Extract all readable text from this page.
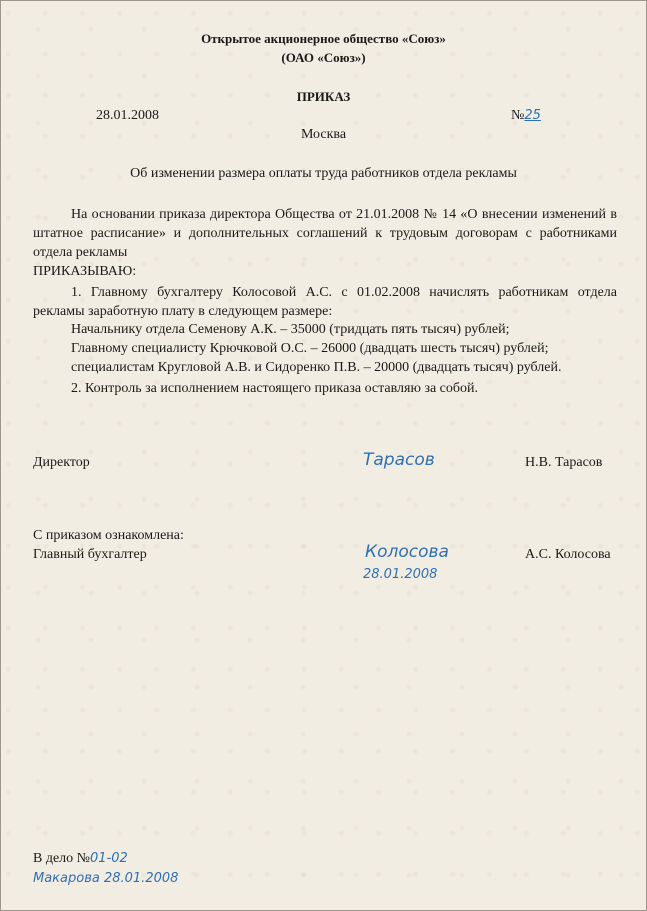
Открытое акционерное общество «Союз»
(ОАО «Союз»)
ПРИКАЗ
28.01.2008	№25
Москва
Об изменении размера оплаты труда работников отдела рекламы
На основании приказа директора Общества от 21.01.2008 № 14 «О внесении изменений в штатное расписание» и дополнительных соглашений к трудовым договорам с работниками отдела рекламы
ПРИКАЗЫВАЮ:
1. Главному бухгалтеру Колосовой А.С. с 01.02.2008 начислять работникам отдела рекламы заработную плату в следующем размере:
Начальнику отдела Семенову А.К. – 35000 (тридцать пять тысяч) рублей;
Главному специалисту Крючковой О.С. – 26000 (двадцать шесть тысяч) рублей;
специалистам Кругловой А.В. и Сидоренко П.В. – 20000 (двадцать тысяч) рублей.
2. Контроль за исполнением настоящего приказа оставляю за собой.
Директор	Тарасов	Н.В. Тарасов
С приказом ознакомлена:
Главный бухгалтер	Колосова
28.01.2008
А.С. Колосова
В дело №01-02
Макарова 28.01.2008
